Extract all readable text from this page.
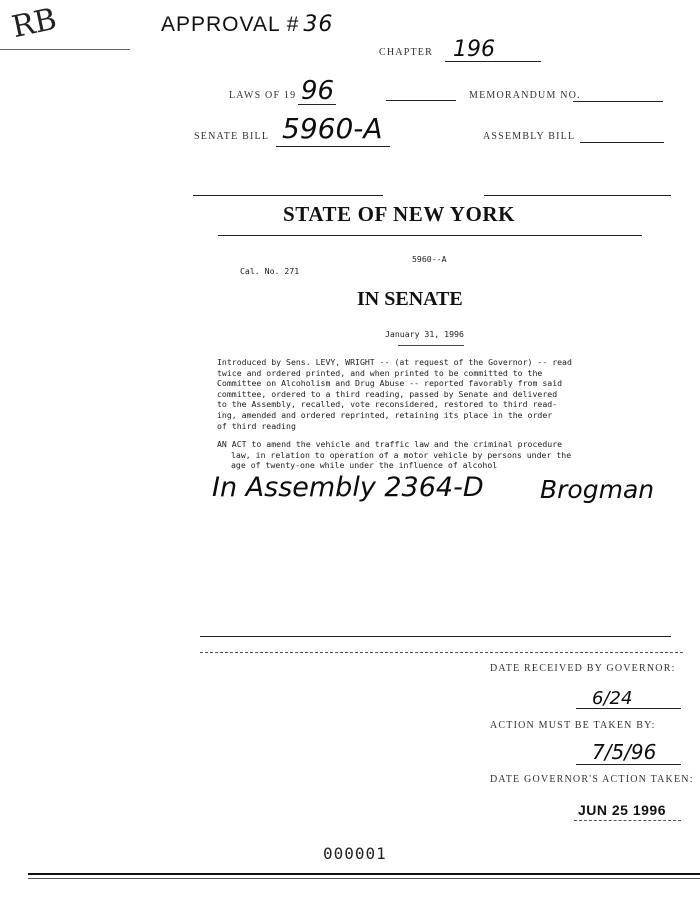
RB	APPROVAL # 36
CHAPTER 196
LAWS OF 19 96	MEMORANDUM NO.
SENATE BILL 5960-A	ASSEMBLY BILL
STATE OF NEW YORK
5960--A
Cal. No. 271
IN SENATE
January 31, 1996
Introduced by Sens. LEVY, WRIGHT -- (at request of the Governor) -- read
twice and ordered printed, and when printed to be committed to the
Committee on Alcoholism and Drug Abuse -- reported favorably from said
committee, ordered to a third reading, passed by Senate and delivered
to the Assembly, recalled, vote reconsidered, restored to third read-
ing, amended and ordered reprinted, retaining its place in the order
of third reading
AN ACT to amend the vehicle and traffic law and the criminal procedure
law, in relation to operation of a motor vehicle by persons under the
age of twenty-one while under the influence of alcohol
In Assembly 2364-D Brogman
DATE RECEIVED BY GOVERNOR:
6/24
ACTION MUST BE TAKEN BY:
7/5/96
DATE GOVERNOR'S ACTION TAKEN:
JUN 25 1996
000001
